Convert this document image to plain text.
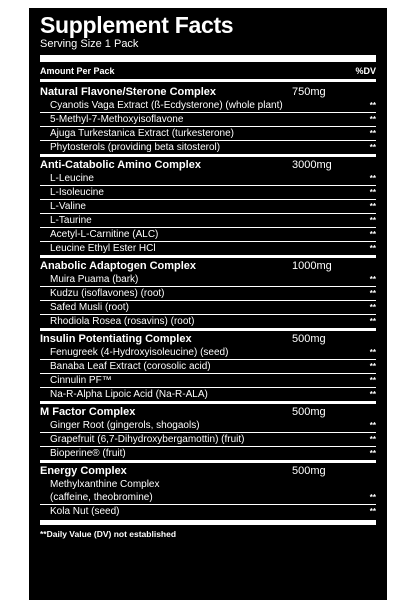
Supplement Facts
Serving Size 1 Pack
Amount Per Pack	%DV
Natural Flavone/Sterone Complex	750mg
Cyanotis Vaga Extract (ß-Ecdysterone) (whole plant)	**
5-Methyl-7-Methoxyisoflavone	**
Ajuga Turkestanica Extract (turkesterone)	**
Phytosterols (providing beta sitosterol)	**
Anti-Catabolic Amino Complex	3000mg
L-Leucine	**
L-Isoleucine	**
L-Valine	**
L-Taurine	**
Acetyl-L-Carnitine (ALC)	**
Leucine Ethyl Ester HCl	**
Anabolic Adaptogen Complex	1000mg
Muira Puama (bark)	**
Kudzu (isoflavones) (root)	**
Safed Musli (root)	**
Rhodiola Rosea (rosavins) (root)	**
Insulin Potentiating Complex	500mg
Fenugreek (4-Hydroxyisoleucine) (seed)	**
Banaba Leaf Extract (corosolic acid)	**
Cinnulin PF™	**
Na-R-Alpha Lipoic Acid (Na-R-ALA)	**
M Factor Complex	500mg
Ginger Root (gingerols, shogaols)	**
Grapefruit (6,7-Dihydroxybergamottin) (fruit)	**
Bioperine® (fruit)	**
Energy Complex	500mg
Methylxanthine Complex
(caffeine, theobromine)	**
Kola Nut (seed)	**
**Daily Value (DV) not established
